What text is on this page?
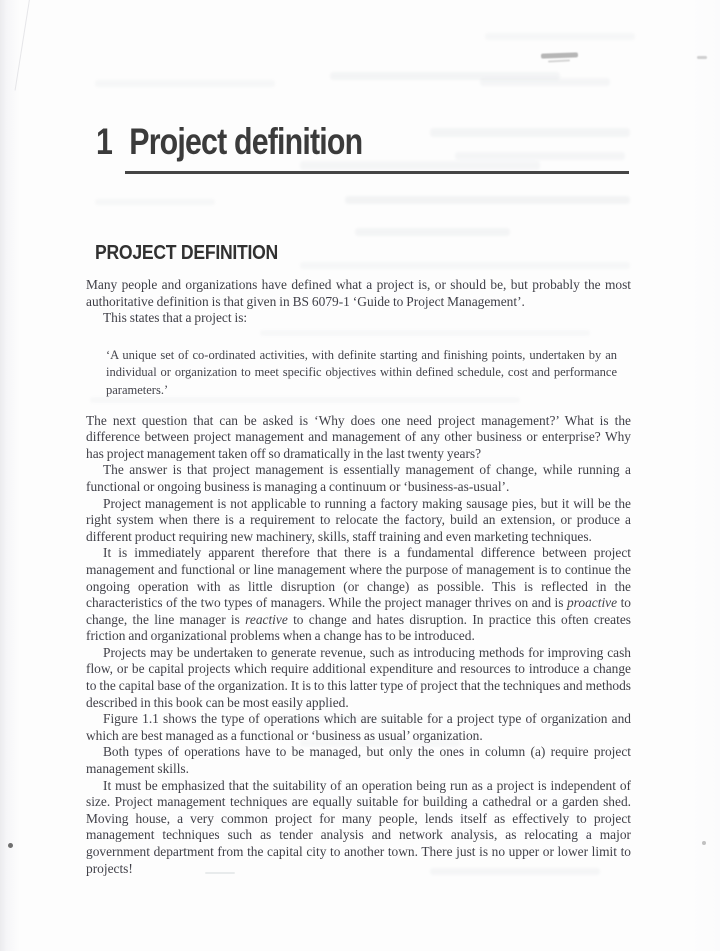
1 Project definition
PROJECT DEFINITION

Many people and organizations have defined what a project is, or should be, but probably the most authoritative definition is that given in BS 6079-1 ‘Guide to Project Management’.

This states that a project is:

‘A unique set of co-ordinated activities, with definite starting and finishing points, undertaken by an individual or organization to meet specific objectives within defined schedule, cost and performance parameters.’

The next question that can be asked is ‘Why does one need project management?’ What is the difference between project management and management of any other business or enterprise? Why has project management taken off so dramatically in the last twenty years?

The answer is that project management is essentially management of change, while running a functional or ongoing business is managing a continuum or ‘business-as-usual’.

Project management is not applicable to running a factory making sausage pies, but it will be the right system when there is a requirement to relocate the factory, build an extension, or produce a different product requiring new machinery, skills, staff training and even marketing techniques.

It is immediately apparent therefore that there is a fundamental difference between project management and functional or line management where the purpose of management is to continue the ongoing operation with as little disruption (or change) as possible. This is reflected in the characteristics of the two types of managers. While the project manager thrives on and is proactive to change, the line manager is reactive to change and hates disruption. In practice this often creates friction and organizational problems when a change has to be introduced.

Projects may be undertaken to generate revenue, such as introducing methods for improving cash flow, or be capital projects which require additional expenditure and resources to introduce a change to the capital base of the organization. It is to this latter type of project that the techniques and methods described in this book can be most easily applied.

Figure 1.1 shows the type of operations which are suitable for a project type of organization and which are best managed as a functional or ‘business as usual’ organization.

Both types of operations have to be managed, but only the ones in column (a) require project management skills.

It must be emphasized that the suitability of an operation being run as a project is independent of size. Project management techniques are equally suitable for building a cathedral or a garden shed. Moving house, a very common project for many people, lends itself as effectively to project management techniques such as tender analysis and network analysis, as relocating a major government department from the capital city to another town. There just is no upper or lower limit to projects!
